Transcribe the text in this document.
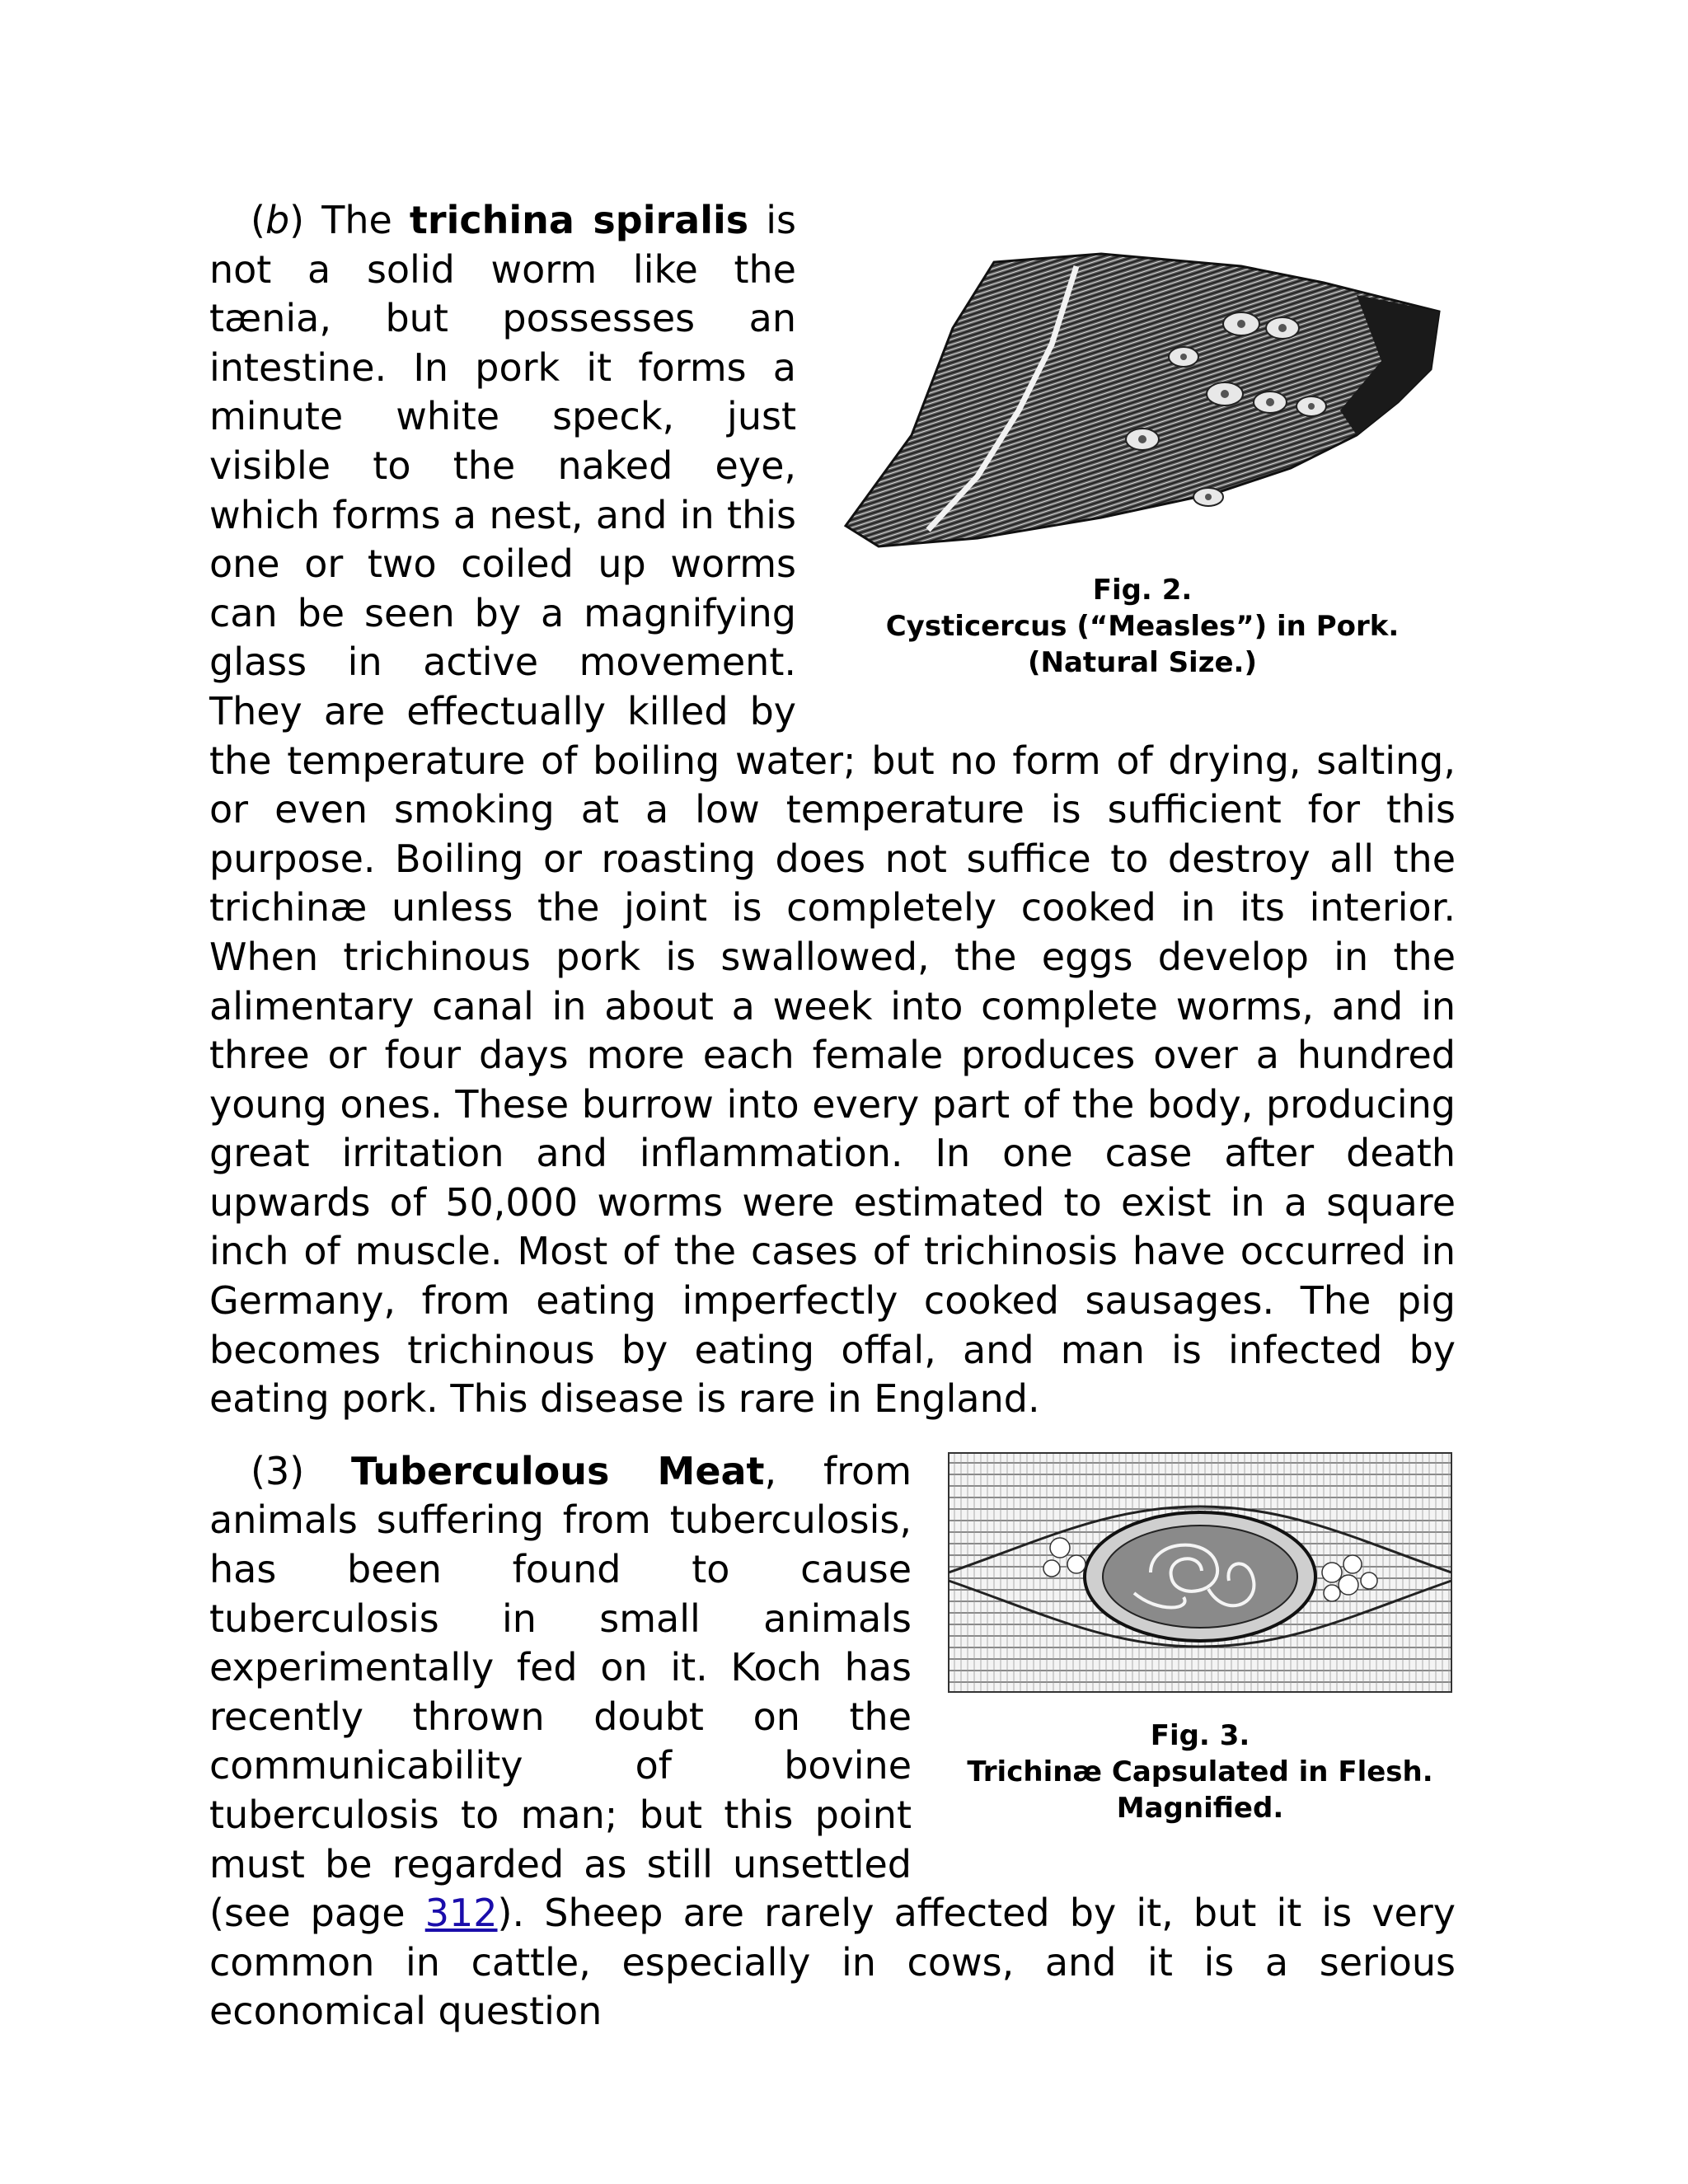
Fig. 2.
Cysticercus (“Measles”) in Pork.
(Natural Size.)

(b) The trichina spiralis is not a solid worm like the tænia, but possesses an intestine. In pork it forms a minute white speck, just visible to the naked eye, which forms a nest, and in this one or two coiled up worms can be seen by a magnifying glass in active movement. They are effectually killed by the temperature of boiling water; but no form of drying, salting, or even smoking at a low temperature is sufficient for this purpose. Boiling or roasting does not suffice to destroy all the trichinæ unless the joint is completely cooked in its interior. When trichinous pork is swallowed, the eggs develop in the alimentary canal in about a week into complete worms, and in three or four days more each female produces over a hundred young ones. These burrow into every part of the body, producing great irritation and inflammation. In one case after death upwards of 50,000 worms were estimated to exist in a square inch of muscle. Most of the cases of trichinosis have occurred in Germany, from eating imperfectly cooked sausages. The pig becomes trichinous by eating offal, and man is infected by eating pork. This disease is rare in England.

Fig. 3.
Trichinæ Capsulated in Flesh.
Magnified.

(3) Tuberculous Meat, from animals suffering from tuberculosis, has been found to cause tuberculosis in small animals experimentally fed on it. Koch has recently thrown doubt on the communicability of bovine tuberculosis to man; but this point must be regarded as still unsettled (see page 312). Sheep are rarely affected by it, but it is very common in cattle, especially in cows, and it is a serious economical question
